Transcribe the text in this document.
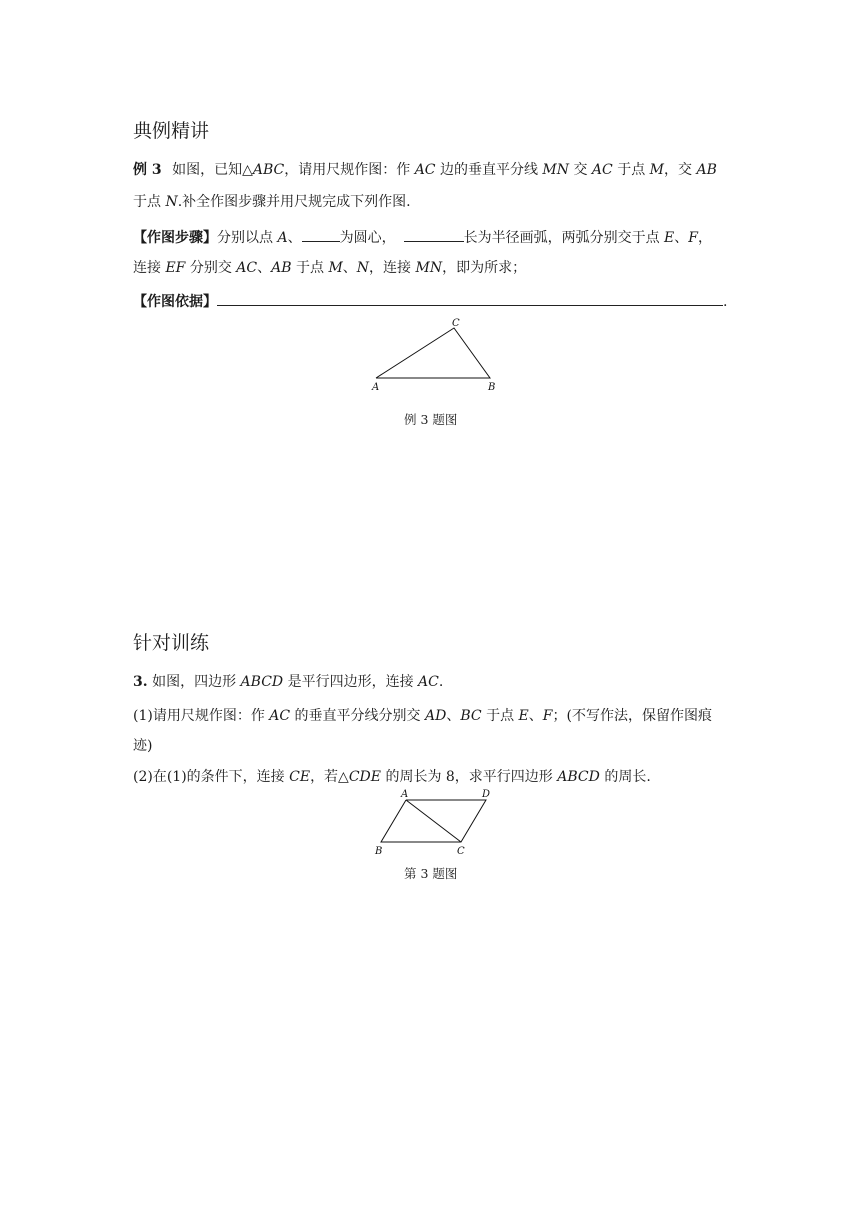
典例精讲
例 3 如图，已知△ABC，请用尺规作图：作 AC 边的垂直平分线 MN 交 AC 于点 M，交 AB
于点 N.补全作图步骤并用尺规完成下列作图.
【作图步骤】分别以点 A、	为圆心，	长为半径画弧，两弧分别交于点 E、F，
连接 EF 分别交 AC、AB 于点 M、N，连接 MN，即为所求；
【作图依据】	.
C
A	B
例 3 题图
针对训练
3. 如图，四边形 ABCD 是平行四边形，连接 AC.
(1)请用尺规作图：作 AC 的垂直平分线分别交 AD、BC 于点 E、F；(不写作法，保留作图痕
迹)
(2)在(1)的条件下，连接 CE，若△CDE 的周长为 8，求平行四边形 ABCD 的周长.
A	D
B	C
第 3 题图
